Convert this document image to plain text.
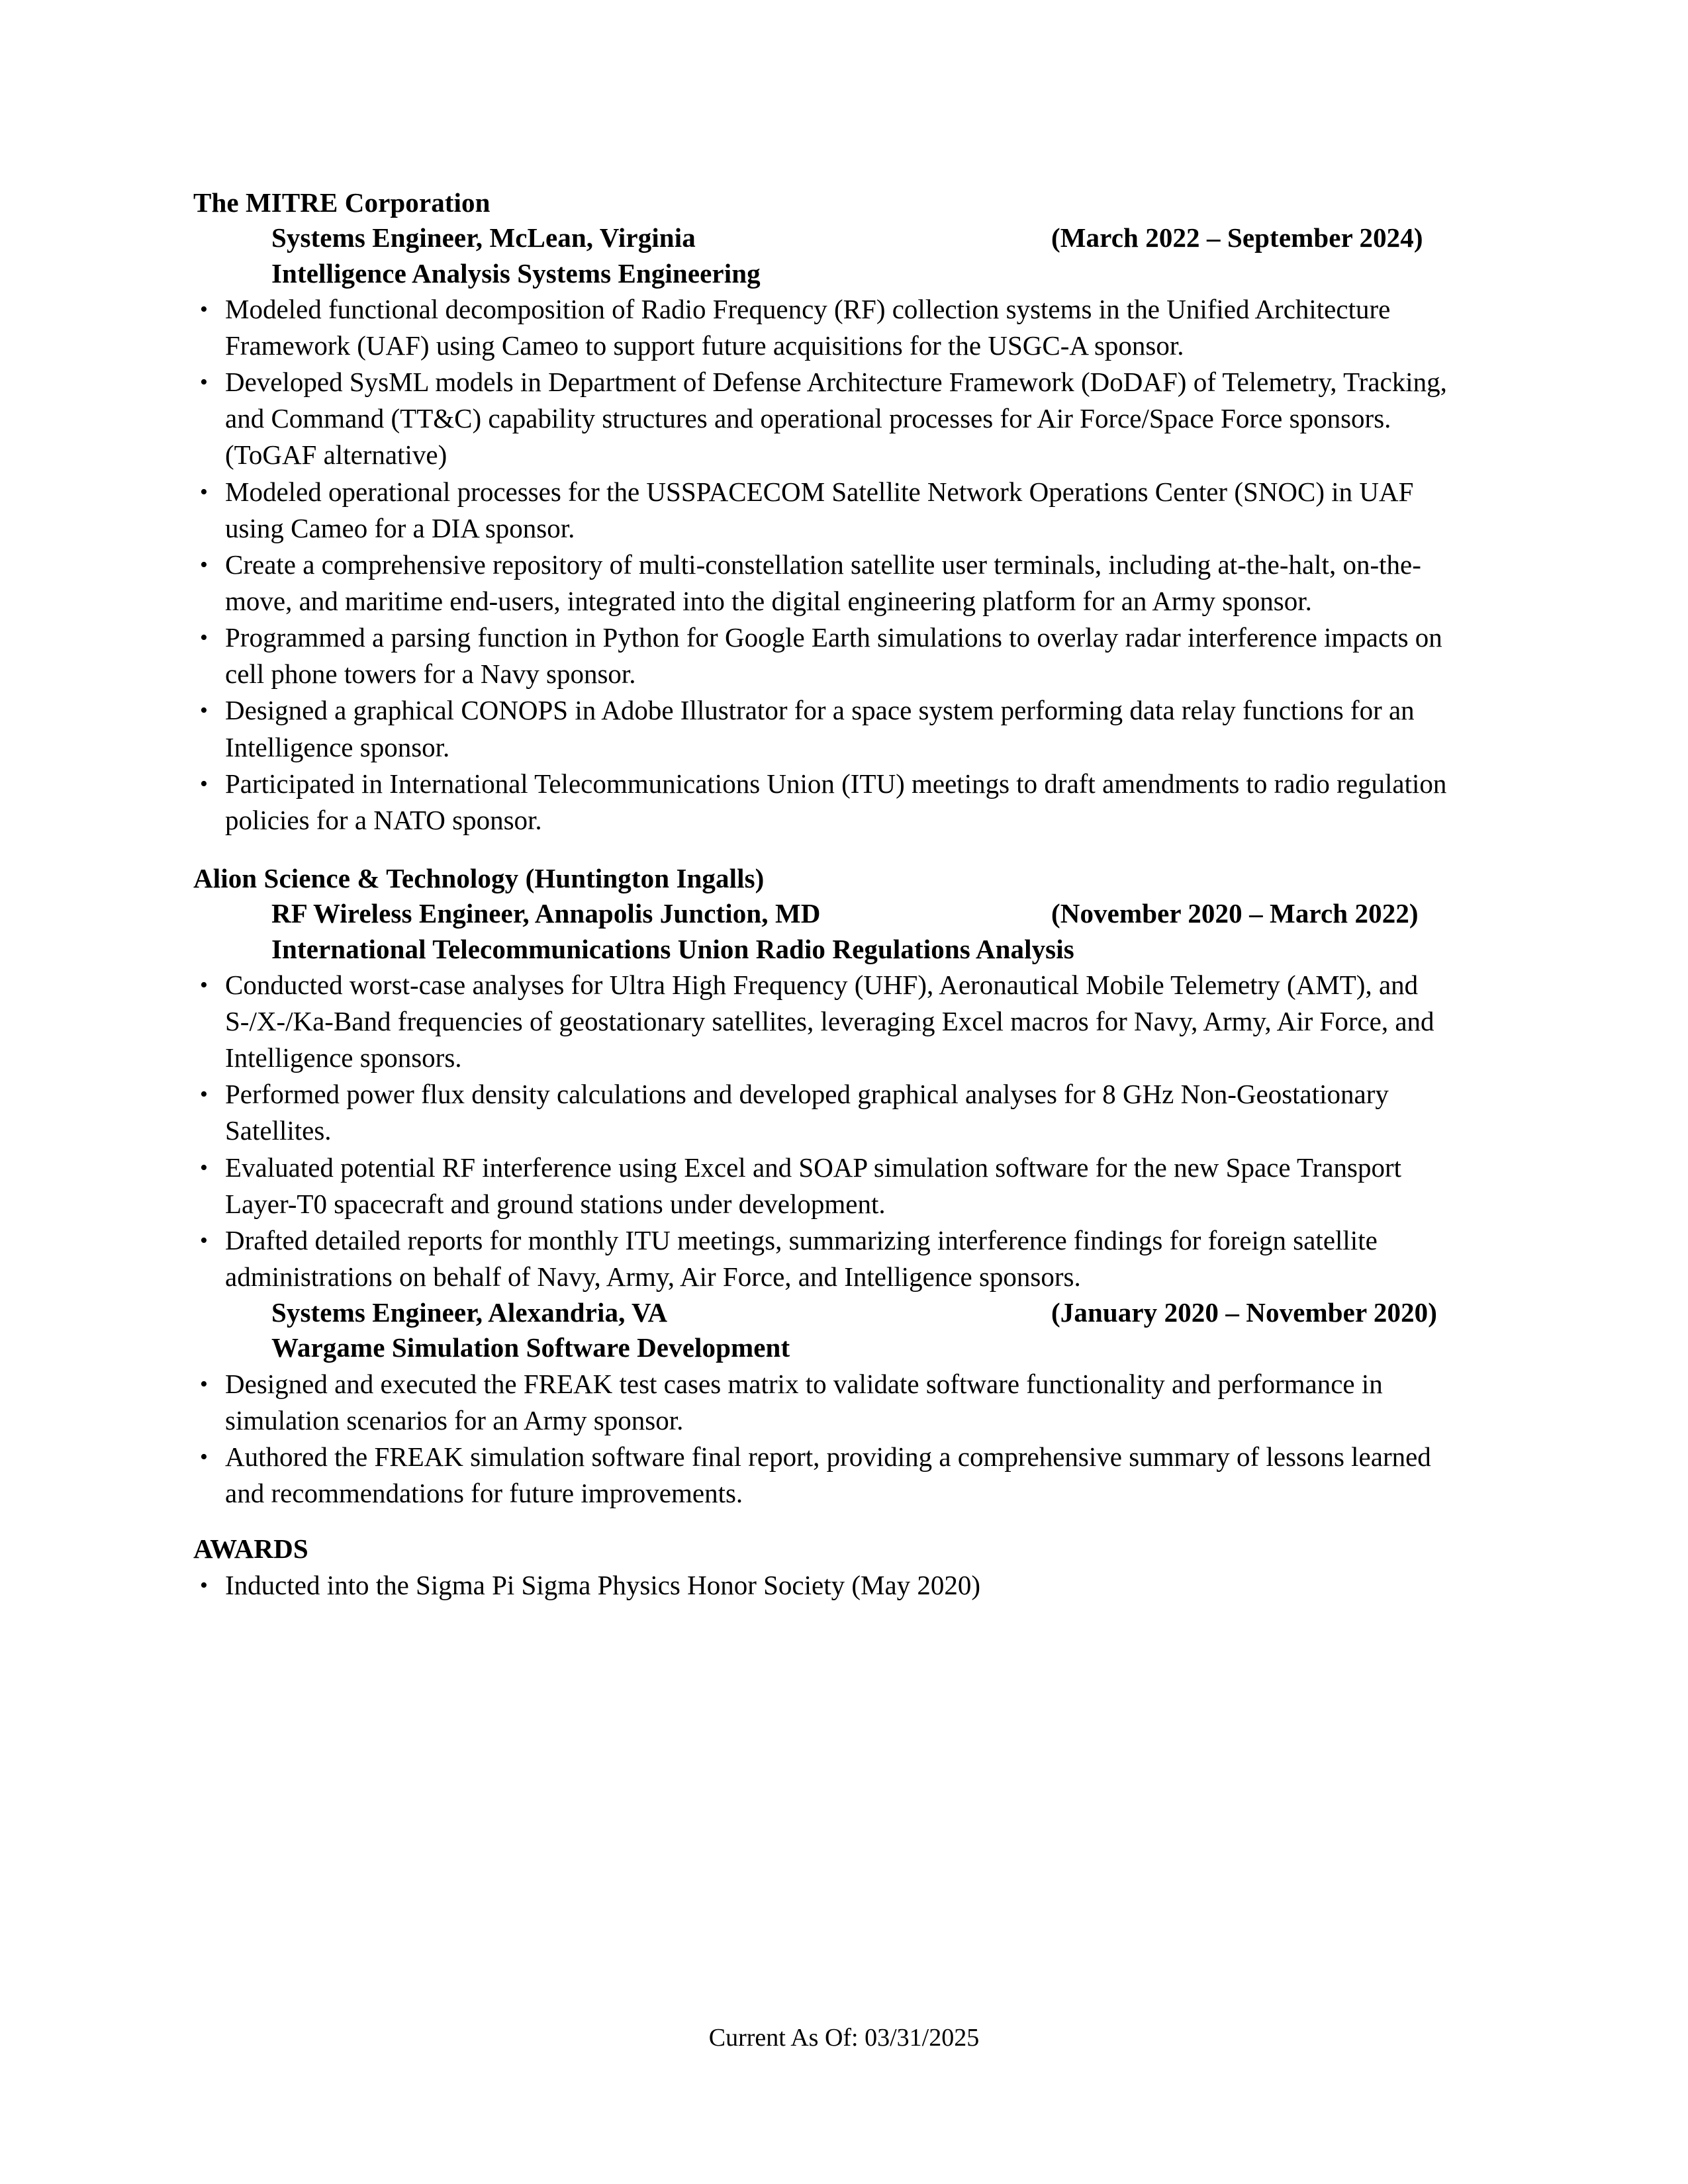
The MITRE Corporation
Systems Engineer, McLean, Virginia	(March 2022 – September 2024)
Intelligence Analysis Systems Engineering
• Modeled functional decomposition of Radio Frequency (RF) collection systems in the Unified Architecture Framework (UAF) using Cameo to support future acquisitions for the USGC-A sponsor.
• Developed SysML models in Department of Defense Architecture Framework (DoDAF) of Telemetry, Tracking, and Command (TT&C) capability structures and operational processes for Air Force/Space Force sponsors. (ToGAF alternative)
• Modeled operational processes for the USSPACECOM Satellite Network Operations Center (SNOC) in UAF using Cameo for a DIA sponsor.
• Create a comprehensive repository of multi-constellation satellite user terminals, including at-the-halt, on-the-move, and maritime end-users, integrated into the digital engineering platform for an Army sponsor.
• Programmed a parsing function in Python for Google Earth simulations to overlay radar interference impacts on cell phone towers for a Navy sponsor.
• Designed a graphical CONOPS in Adobe Illustrator for a space system performing data relay functions for an Intelligence sponsor.
• Participated in International Telecommunications Union (ITU) meetings to draft amendments to radio regulation policies for a NATO sponsor.
Alion Science & Technology (Huntington Ingalls)
RF Wireless Engineer, Annapolis Junction, MD	(November 2020 – March 2022)
International Telecommunications Union Radio Regulations Analysis
• Conducted worst-case analyses for Ultra High Frequency (UHF), Aeronautical Mobile Telemetry (AMT), and S-/X-/Ka-Band frequencies of geostationary satellites, leveraging Excel macros for Navy, Army, Air Force, and Intelligence sponsors.
• Performed power flux density calculations and developed graphical analyses for 8 GHz Non-Geostationary Satellites.
• Evaluated potential RF interference using Excel and SOAP simulation software for the new Space Transport Layer-T0 spacecraft and ground stations under development.
• Drafted detailed reports for monthly ITU meetings, summarizing interference findings for foreign satellite administrations on behalf of Navy, Army, Air Force, and Intelligence sponsors.
Systems Engineer, Alexandria, VA	(January 2020 – November 2020)
Wargame Simulation Software Development
• Designed and executed the FREAK test cases matrix to validate software functionality and performance in simulation scenarios for an Army sponsor.
• Authored the FREAK simulation software final report, providing a comprehensive summary of lessons learned and recommendations for future improvements.
AWARDS
• Inducted into the Sigma Pi Sigma Physics Honor Society (May 2020)
Current As Of: 03/31/2025
